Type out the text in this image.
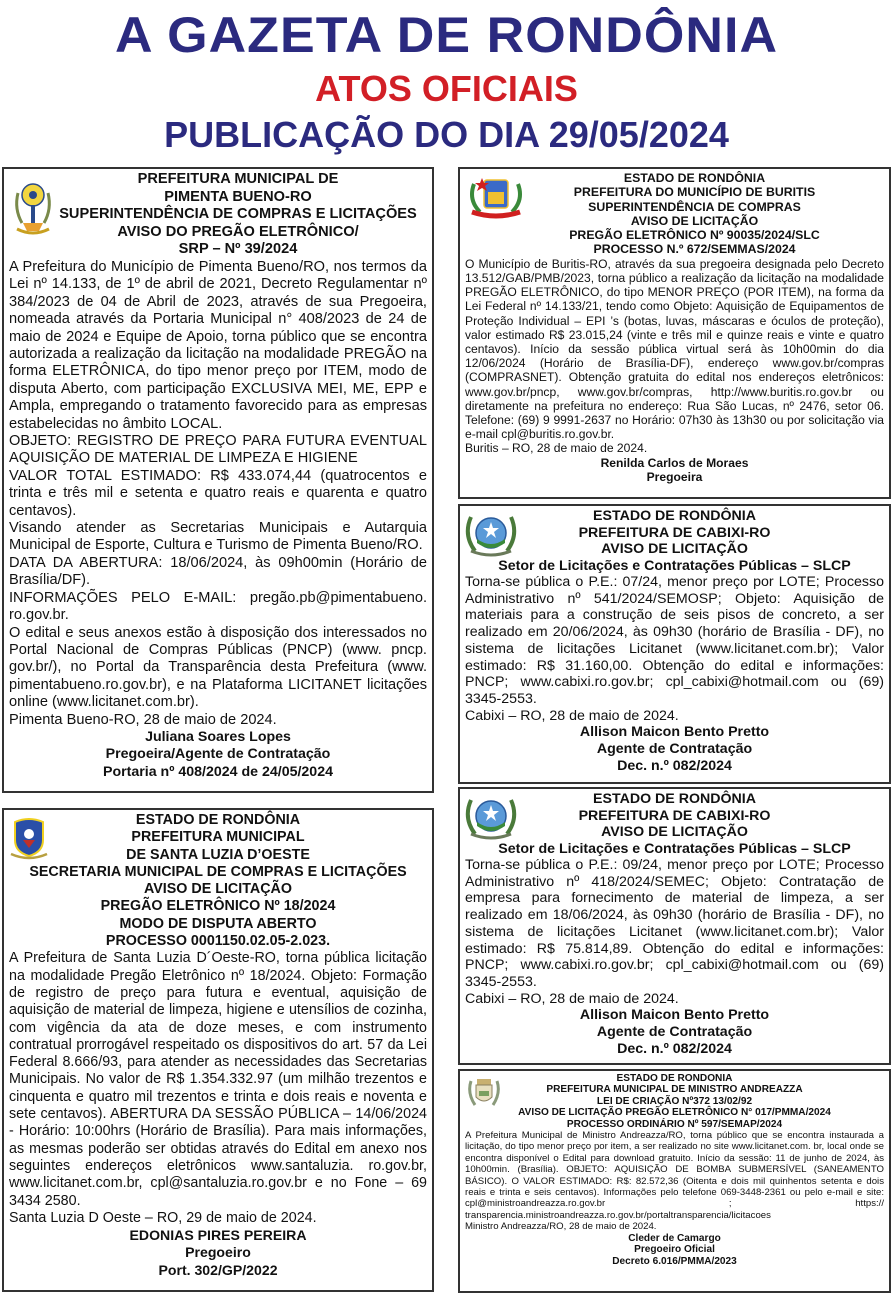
A GAZETA DE RONDÔNIA
ATOS OFICIAIS
PUBLICAÇÃO DO DIA 29/05/2024
PREFEITURA MUNICIPAL DE
PIMENTA BUENO-RO
SUPERINTENDÊNCIA DE COMPRAS E LICITAÇÕES
AVISO DO PREGÃO ELETRÔNICO/
SRP – Nº 39/2024
A Prefeitura do Município de Pimenta Bueno/RO, nos termos da Lei nº 14.133, de 1º de abril de 2021, Decreto Regulamentar nº 384/2023 de 04 de Abril de 2023, através de sua Pregoeira, nomeada através da Portaria Municipal n° 408/2023 de 24 de maio de 2024 e Equipe de Apoio, torna público que se encontra autorizada a realização da licitação na modalidade PREGÃO na forma ELETRÔNICA, do tipo menor preço por ITEM, modo de disputa Aberto, com participação EXCLUSIVA MEI, ME, EPP e Ampla, empregando o tratamento favorecido para as empresas estabelecidas no âmbito LOCAL.
OBJETO: REGISTRO DE PREÇO PARA FUTURA EVENTUAL AQUISIÇÃO DE MATERIAL DE LIMPEZA E HIGIENE
VALOR TOTAL ESTIMADO: R$ 433.074,44 (quatrocentos e trinta e três mil e setenta e quatro reais e quarenta e quatro centavos).
Visando atender as Secretarias Municipais e Autarquia Municipal de Esporte, Cultura e Turismo de Pimenta Bueno/RO.
DATA DA ABERTURA: 18/06/2024, às 09h00min (Horário de Brasília/DF).
INFORMAÇÕES PELO E-MAIL: pregão.pb@pimentabueno. ro.gov.br.
O edital e seus anexos estão à disposição dos interessados no Portal Nacional de Compras Públicas (PNCP) (www. pncp. gov.br/), no Portal da Transparência desta Prefeitura (www. pimentabueno.ro.gov.br), e na Plataforma LICITANET licitações online (www.licitanet.com.br).
Pimenta Bueno-RO, 28 de maio de 2024.
Juliana Soares Lopes
Pregoeira/Agente de Contratação
Portaria nº 408/2024 de 24/05/2024
ESTADO DE RONDÔNIA
PREFEITURA MUNICIPAL
DE SANTA LUZIA D’OESTE
SECRETARIA MUNICIPAL DE COMPRAS E LICITAÇÕES
AVISO DE LICITAÇÃO
PREGÃO ELETRÔNICO Nº 18/2024
MODO DE DISPUTA ABERTO
PROCESSO 0001150.02.05-2.023.
A Prefeitura de Santa Luzia D´Oeste-RO, torna pública licitação na modalidade Pregão Eletrônico nº 18/2024. Objeto: Formação de registro de preço para futura e eventual, aquisição de aquisição de material de limpeza, higiene e utensílios de cozinha, com vigência da ata de doze meses, e com instrumento contratual prorrogável respeitado os dispositivos do art. 57 da Lei Federal 8.666/93, para atender as necessidades das Secretarias Municipais. No valor de R$ 1.354.332.97 (um milhão trezentos e cinquenta e quatro mil trezentos e trinta e dois reais e noventa e sete centavos). ABERTURA DA SESSÃO PÚBLICA – 14/06/2024 - Horário: 10:00hrs (Horário de Brasília). Para mais informações, as mesmas poderão ser obtidas através do Edital em anexo nos seguintes endereços eletrônicos www.santaluzia. ro.gov.br, www.licitanet.com.br, cpl@santaluzia.ro.gov.br e no Fone – 69 3434 2580.
Santa Luzia D Oeste – RO, 29 de maio de 2024.
EDONIAS PIRES PEREIRA
Pregoeiro
Port. 302/GP/2022
ESTADO DE RONDÔNIA
PREFEITURA DO MUNICÍPIO DE BURITIS
SUPERINTENDÊNCIA DE COMPRAS
AVISO DE LICITAÇÃO
PREGÃO ELETRÔNICO Nº 90035/2024/SLC
PROCESSO N.º 672/SEMMAS/2024
O Município de Buritis-RO, através da sua pregoeira designada pelo Decreto 13.512/GAB/PMB/2023, torna público a realização da licitação na modalidade PREGÃO ELETRÔNICO, do tipo MENOR PREÇO (POR ITEM), na forma da Lei Federal nº 14.133/21, tendo como Objeto: Aquisição de Equipamentos de Proteção Individual – EPI ’s (botas, luvas, máscaras e óculos de proteção), valor estimado R$ 23.015,24 (vinte e três mil e quinze reais e vinte e quatro centavos). Início da sessão pública virtual será às 10h00min do dia 12/06/2024 (Horário de Brasília-DF), endereço www.gov.br/compras (COMPRASNET). Obtenção gratuita do edital nos endereços eletrônicos: www.gov.br/pncp, www.gov.br/compras, http://www.buritis.ro.gov.br ou diretamente na prefeitura no endereço: Rua São Lucas, nº 2476, setor 06. Telefone: (69) 9 9991-2637 no Horário: 07h30 às 13h30 ou por solicitação via e-mail cpl@buritis.ro.gov.br.
Buritis – RO, 28 de maio de 2024.
Renilda Carlos de Moraes
Pregoeira
ESTADO DE RONDÔNIA
PREFEITURA DE CABIXI-RO
AVISO DE LICITAÇÃO
Setor de Licitações e Contratações Públicas – SLCP
Torna-se pública o P.E.: 07/24, menor preço por LOTE; Processo Administrativo nº 541/2024/SEMOSP; Objeto: Aquisição de materiais para a construção de seis pisos de concreto, a ser realizado em 20/06/2024, às 09h30 (horário de Brasília - DF), no sistema de licitações Licitanet (www.licitanet.com.br); Valor estimado: R$ 31.160,00. Obtenção do edital e informações: PNCP; www.cabixi.ro.gov.br; cpl_cabixi@hotmail.com ou (69) 3345-2553.
Cabixi – RO, 28 de maio de 2024.
Allison Maicon Bento Pretto
Agente de Contratação
Dec. n.º 082/2024
ESTADO DE RONDÔNIA
PREFEITURA DE CABIXI-RO
AVISO DE LICITAÇÃO
Setor de Licitações e Contratações Públicas – SLCP
Torna-se pública o P.E.: 09/24, menor preço por LOTE; Processo Administrativo nº 418/2024/SEMEC; Objeto: Contratação de empresa para fornecimento de material de limpeza, a ser realizado em 18/06/2024, às 09h30 (horário de Brasília - DF), no sistema de licitações Licitanet (www.licitanet.com.br); Valor estimado: R$ 75.814,89. Obtenção do edital e informações: PNCP; www.cabixi.ro.gov.br; cpl_cabixi@hotmail.com ou (69) 3345-2553.
Cabixi – RO, 28 de maio de 2024.
Allison Maicon Bento Pretto
Agente de Contratação
Dec. n.º 082/2024
ESTADO DE RONDONIA
PREFEITURA MUNICIPAL DE MINISTRO ANDREAZZA
LEI DE CRIAÇÃO Nº372 13/02/92
AVISO DE LICITAÇÃO PREGÃO ELETRÔNICO N° 017/PMMA/2024
PROCESSO ORDINÁRIO Nº 597/SEMAP/2024
A Prefeitura Municipal de Ministro Andreazza/RO, torna público que se encontra instaurada a licitação, do tipo menor preço por item, a ser realizado no site www.licitanet.com. br, local onde se encontra disponível o Edital para download gratuito. Início da sessão: 11 de junho de 2024, às 10h00min. (Brasília). OBJETO: AQUISIÇÃO DE BOMBA SUBMERSÍVEL (SANEAMENTO BÁSICO). O VALOR ESTIMADO: R$: 82.572,36 (Oitenta e dois mil quinhentos setenta e dois reais e trinta e seis centavos). Informações pelo telefone 069-3448-2361 ou pelo e-mail e site: cpl@ministroandreazza.ro.gov.br ; https:// transparencia.ministroandreazza.ro.gov.br/portaltransparencia/licitacoes
Ministro Andreazza/RO, 28 de maio de 2024.
Cleder de Camargo
Pregoeiro Oficial
Decreto 6.016/PMMA/2023
